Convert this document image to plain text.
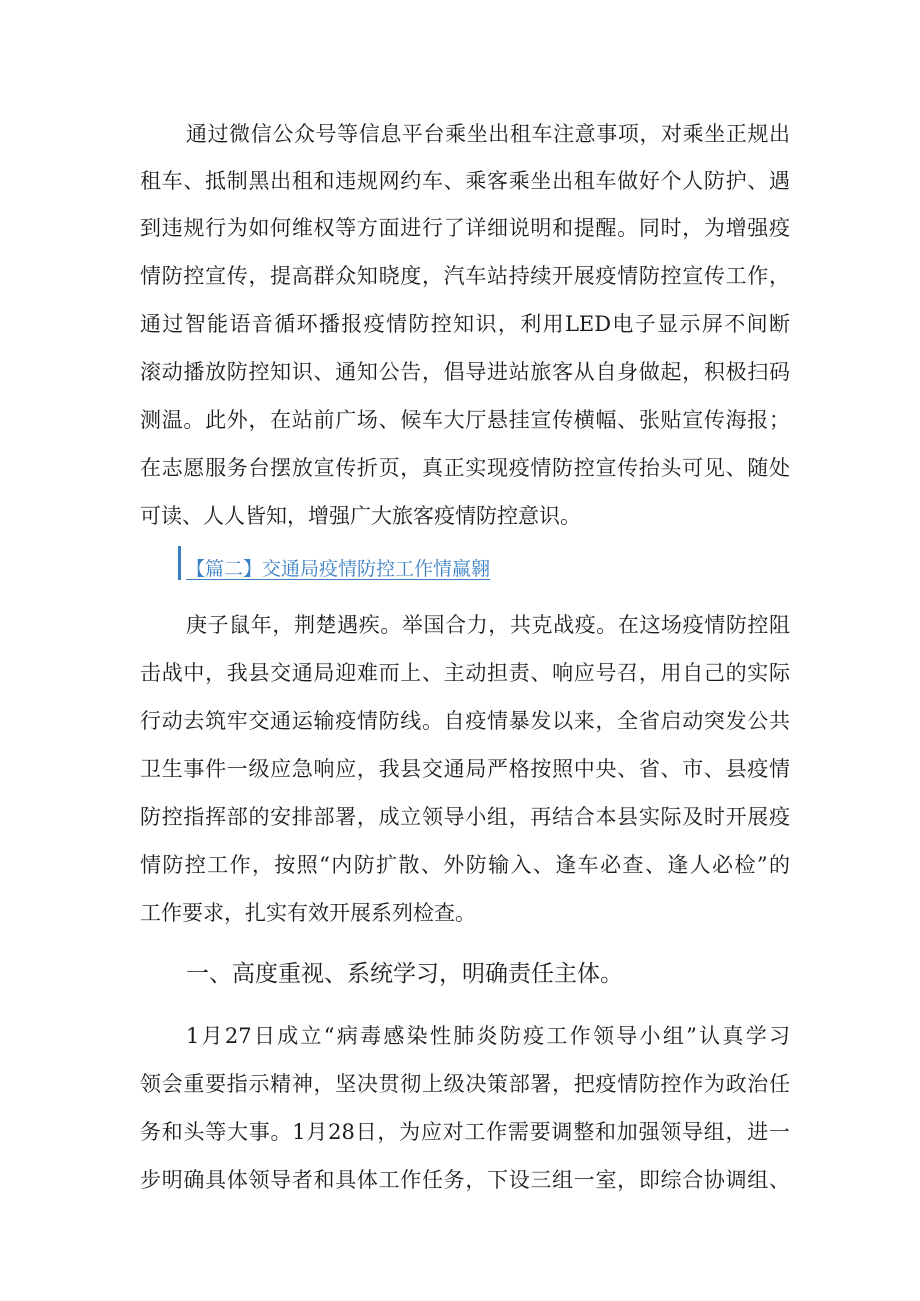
通过微信公众号等信息平台乘坐出租车注意事项，对乘坐正规出
租车、抵制黑出租和违规网约车、乘客乘坐出租车做好个人防护、遇
到违规行为如何维权等方面进行了详细说明和提醒。同时，为增强疫
情防控宣传，提高群众知晓度，汽车站持续开展疫情防控宣传工作，
通过智能语音循环播报疫情防控知识，利用LED电子显示屏不间断
滚动播放防控知识、通知公告，倡导进站旅客从自身做起，积极扫码
测温。此外，在站前广场、候车大厅悬挂宣传横幅、张贴宣传海报；
在志愿服务台摆放宣传折页，真正实现疫情防控宣传抬头可见、随处
可读、人人皆知，增强广大旅客疫情防控意识。
【篇二】交通局疫情防控工作情赢翱
庚子鼠年，荆楚遇疾。举国合力，共克战疫。在这场疫情防控阻
击战中，我县交通局迎难而上、主动担责、响应号召，用自己的实际
行动去筑牢交通运输疫情防线。自疫情暴发以来，全省启动突发公共
卫生事件一级应急响应，我县交通局严格按照中央、省、市、县疫情
防控指挥部的安排部署，成立领导小组，再结合本县实际及时开展疫
情防控工作，按照“内防扩散、外防输入、逢车必查、逢人必检”的
工作要求，扎实有效开展系列检查。
一、高度重视、系统学习，明确责任主体。
1月27日成立“病毒感染性肺炎防疫工作领导小组”认真学习
领会重要指示精神，坚决贯彻上级决策部署，把疫情防控作为政治任
务和头等大事。1月28日，为应对工作需要调整和加强领导组，进一
步明确具体领导者和具体工作任务，下设三组一室，即综合协调组、
